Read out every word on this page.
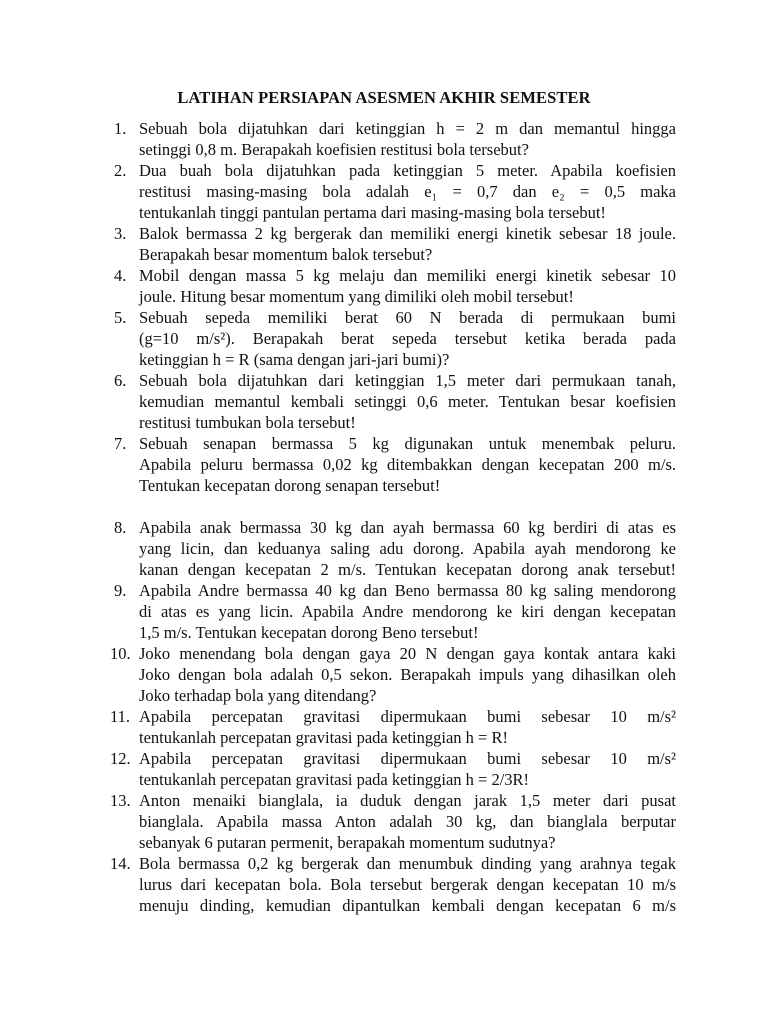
LATIHAN PERSIAPAN ASESMEN AKHIR SEMESTER
1. Sebuah bola dijatuhkan dari ketinggian h = 2 m dan memantul hingga
setinggi 0,8 m. Berapakah koefisien restitusi bola tersebut?
2. Dua buah bola dijatuhkan pada ketinggian 5 meter. Apabila koefisien
restitusi masing-masing bola adalah e₁ = 0,7 dan e₂ = 0,5 maka
tentukanlah tinggi pantulan pertama dari masing-masing bola tersebut!
3. Balok bermassa 2 kg bergerak dan memiliki energi kinetik sebesar 18 joule.
Berapakah besar momentum balok tersebut?
4. Mobil dengan massa 5 kg melaju dan memiliki energi kinetik sebesar 10
joule. Hitung besar momentum yang dimiliki oleh mobil tersebut!
5. Sebuah sepeda memiliki berat 60 N berada di permukaan bumi
(g=10 m/s²). Berapakah berat sepeda tersebut ketika berada pada
ketinggian h = R (sama dengan jari-jari bumi)?
6. Sebuah bola dijatuhkan dari ketinggian 1,5 meter dari permukaan tanah,
kemudian memantul kembali setinggi 0,6 meter. Tentukan besar koefisien
restitusi tumbukan bola tersebut!
7. Sebuah senapan bermassa 5 kg digunakan untuk menembak peluru.
Apabila peluru bermassa 0,02 kg ditembakkan dengan kecepatan 200 m/s.
Tentukan kecepatan dorong senapan tersebut!
8. Apabila anak bermassa 30 kg dan ayah bermassa 60 kg berdiri di atas es
yang licin, dan keduanya saling adu dorong. Apabila ayah mendorong ke
kanan dengan kecepatan 2 m/s. Tentukan kecepatan dorong anak tersebut!
9. Apabila Andre bermassa 40 kg dan Beno bermassa 80 kg saling mendorong
di atas es yang licin. Apabila Andre mendorong ke kiri dengan kecepatan
1,5 m/s. Tentukan kecepatan dorong Beno tersebut!
10. Joko menendang bola dengan gaya 20 N dengan gaya kontak antara kaki
Joko dengan bola adalah 0,5 sekon. Berapakah impuls yang dihasilkan oleh
Joko terhadap bola yang ditendang?
11. Apabila percepatan gravitasi dipermukaan bumi sebesar 10 m/s²
tentukanlah percepatan gravitasi pada ketinggian h = R!
12. Apabila percepatan gravitasi dipermukaan bumi sebesar 10 m/s²
tentukanlah percepatan gravitasi pada ketinggian h = 2/3R!
13. Anton menaiki bianglala, ia duduk dengan jarak 1,5 meter dari pusat
bianglala. Apabila massa Anton adalah 30 kg, dan bianglala berputar
sebanyak 6 putaran permenit, berapakah momentum sudutnya?
14. Bola bermassa 0,2 kg bergerak dan menumbuk dinding yang arahnya tegak
lurus dari kecepatan bola. Bola tersebut bergerak dengan kecepatan 10 m/s
menuju dinding, kemudian dipantulkan kembali dengan kecepatan 6 m/s
